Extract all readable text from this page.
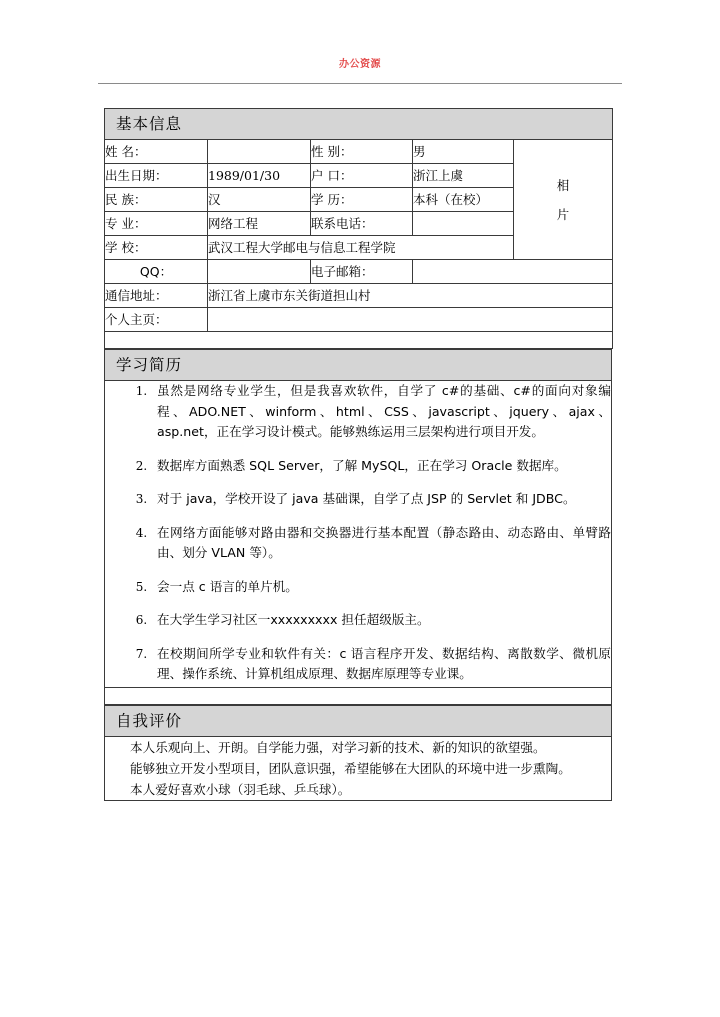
办公资源
基本信息				
姓 名：		性 别：	男	相
片

出生日期：	1989/01/30	户 口：	浙江上虞	
民 族：	汉	学 历：	本科（在校）	
专 业：	网络工程	联系电话：		
学 校：	武汉工程大学邮电与信息工程学院			
QQ：		电子邮箱：		
通信地址：	浙江省上虞市东关街道担山村			
个人主页：				

学习简历

1. 虽然是网络专业学生，但是我喜欢软件，自学了 c#的基础、c#的面向对象编程、ADO.NET、winform、html、CSS、javascript、jquery、ajax、asp.net，正在学习设计模式。能够熟练运用三层架构进行项目开发。
2. 数据库方面熟悉 SQL Server，了解 MySQL，正在学习 Oracle 数据库。
3. 对于 java，学校开设了 java 基础课，自学了点 JSP 的 Servlet 和 JDBC。
4. 在网络方面能够对路由器和交换器进行基本配置（静态路由、动态路由、单臂路由、划分 VLAN 等）。
5. 会一点 c 语言的单片机。
6. 在大学生学习社区一xxxxxxxxx 担任超级版主。
7. 在校期间所学专业和软件有关：c 语言程序开发、数据结构、离散数学、微机原理、操作系统、计算机组成原理、数据库原理等专业课。

自我评价

本人乐观向上、开朗。自学能力强，对学习新的技术、新的知识的欲望强。

能够独立开发小型项目，团队意识强，希望能够在大团队的环境中进一步熏陶。

本人爱好喜欢小球（羽毛球、乒乓球）。
